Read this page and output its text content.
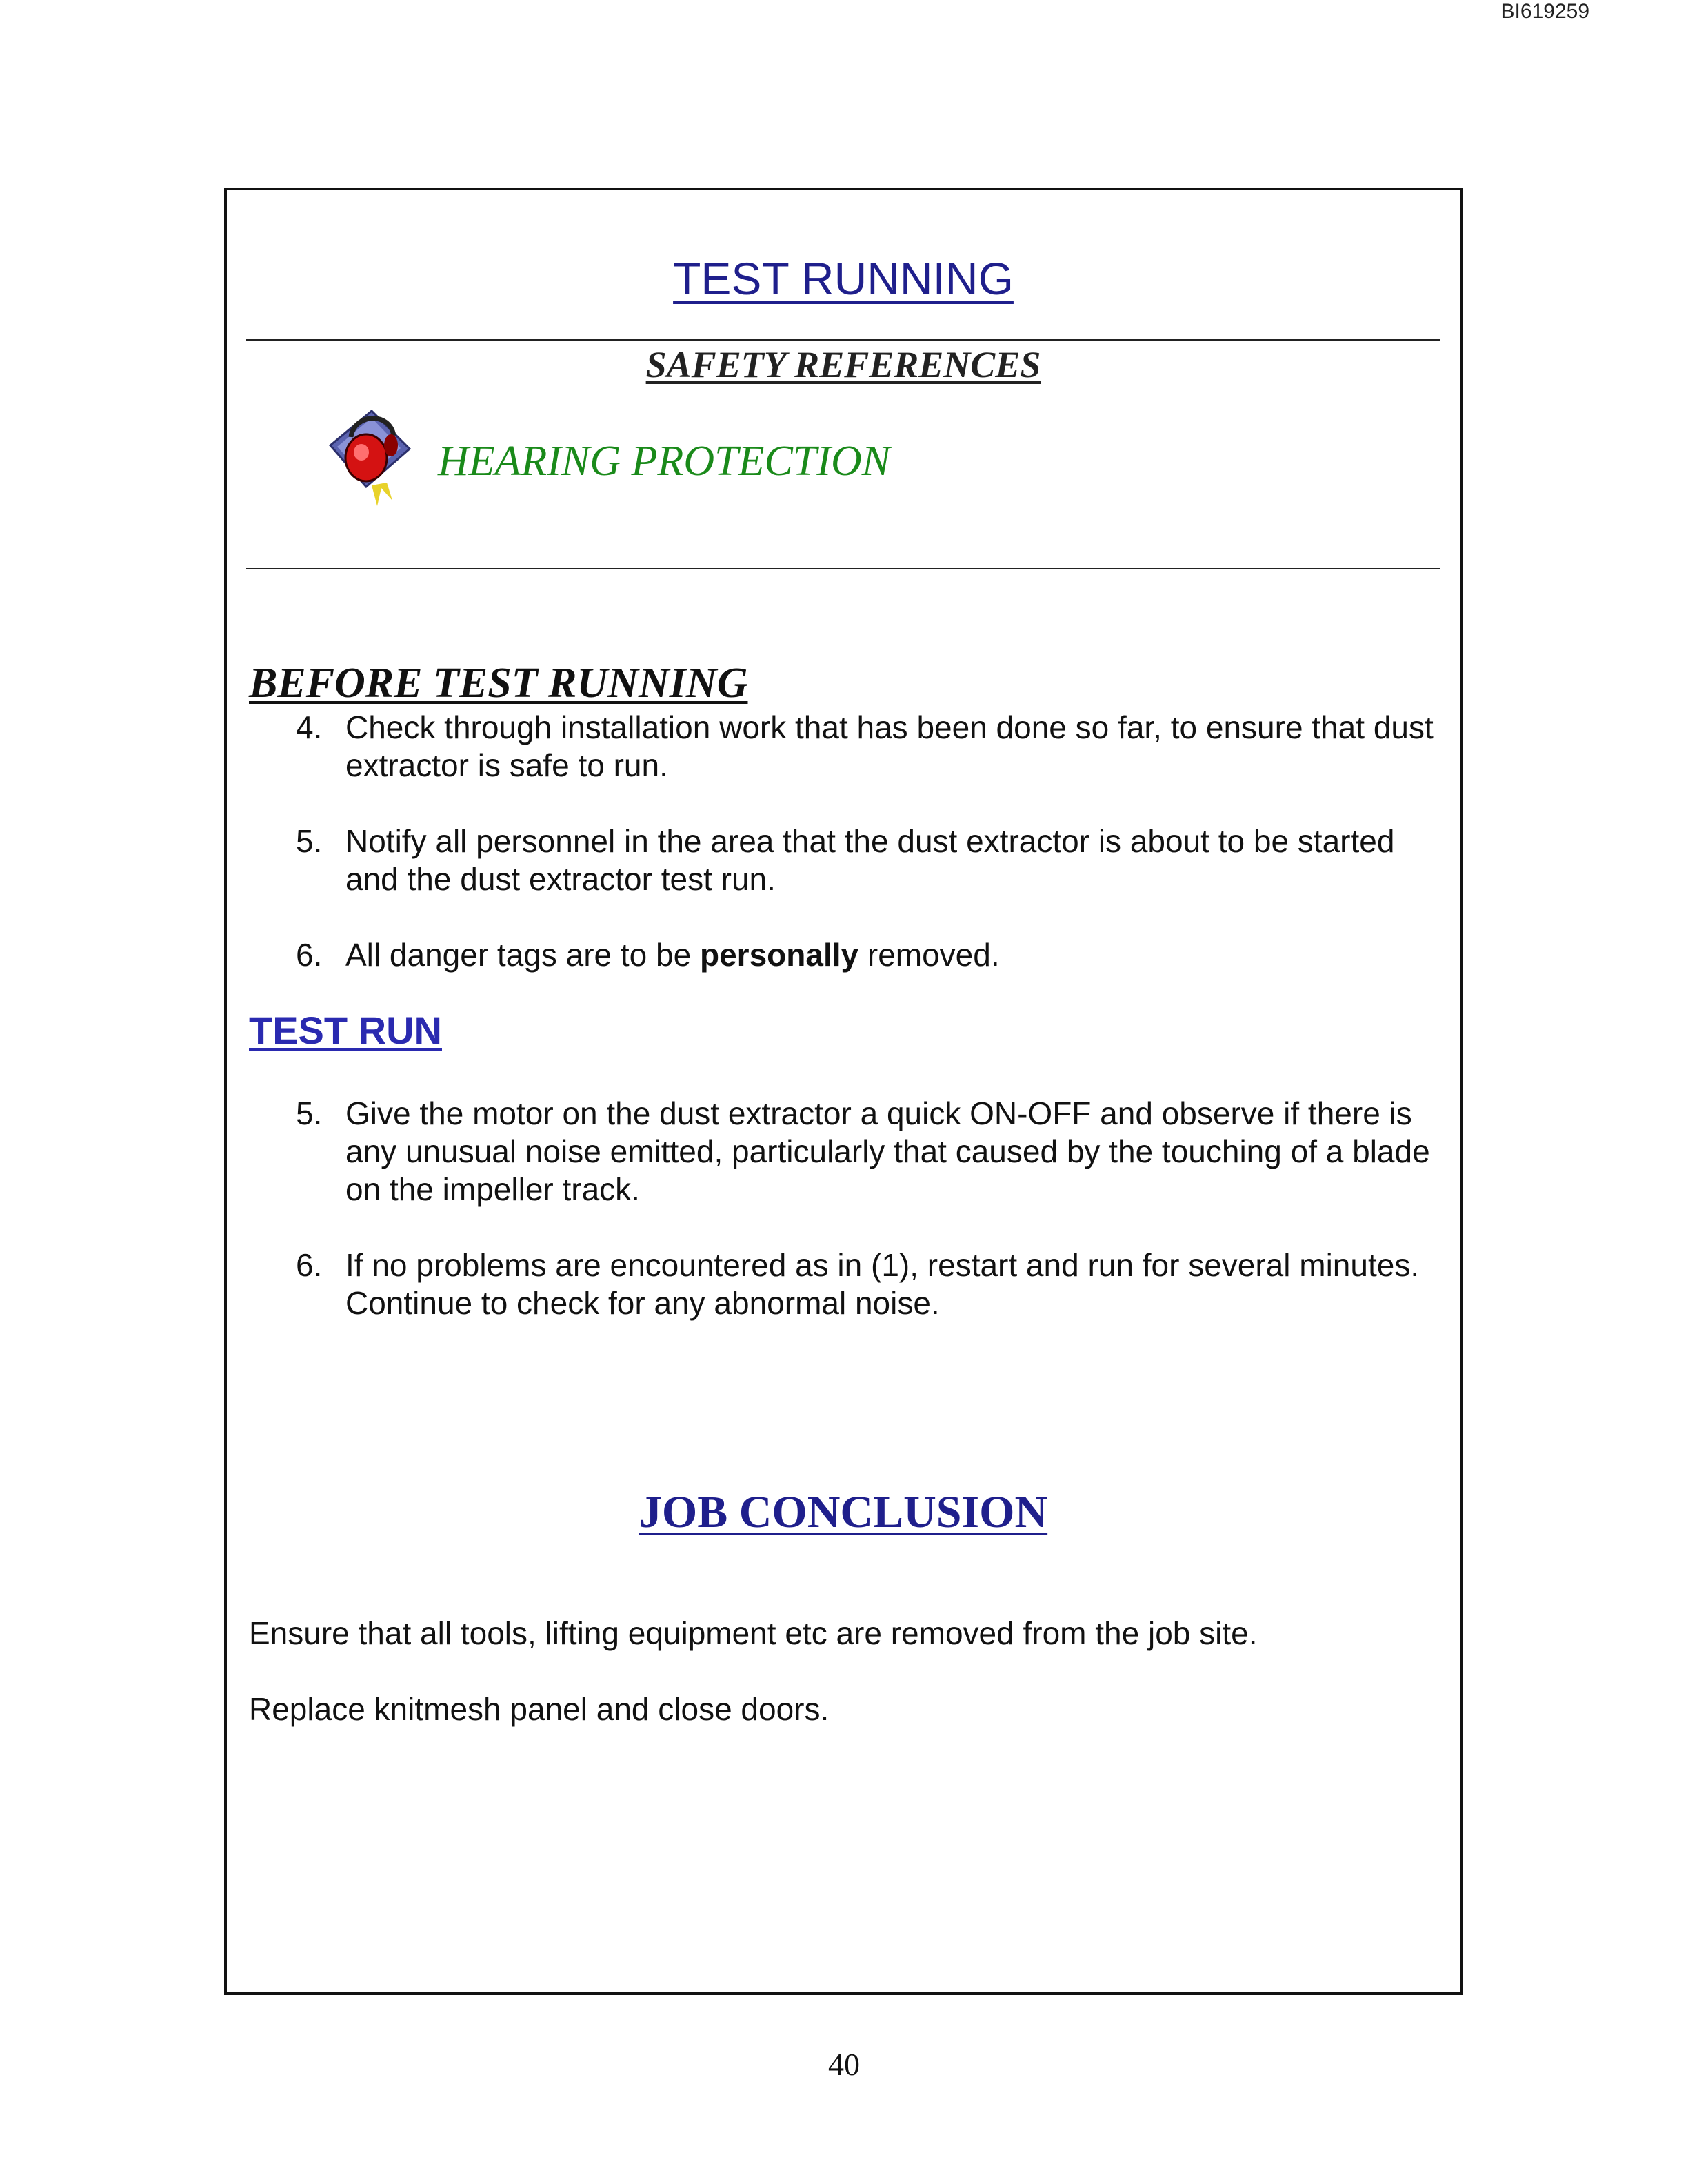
BI619259
TEST RUNNING
SAFETY REFERENCES
HEARING PROTECTION
BEFORE TEST RUNNING
4. Check through installation work that has been done so far, to ensure that dust extractor is safe to run.
5. Notify all personnel in the area that the dust extractor is about to be started and the dust extractor test run.
6. All danger tags are to be personally removed.
TEST RUN
5. Give the motor on the dust extractor a quick ON-OFF and observe if there is any unusual noise emitted, particularly that caused by the touching of a blade on the impeller track.
6. If no problems are encountered as in (1), restart and run for several minutes.
Continue to check for any abnormal noise.
JOB CONCLUSION
Ensure that all tools, lifting equipment etc are removed from the job site.
Replace knitmesh panel and close doors.
40
